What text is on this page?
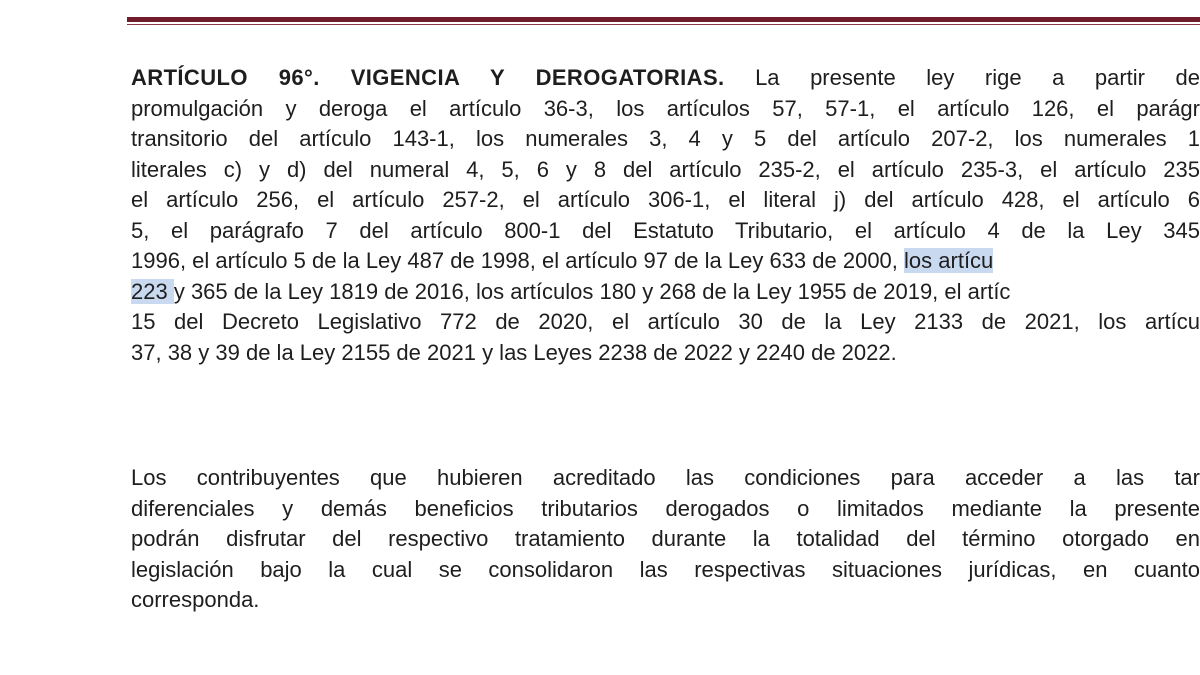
ARTÍCULO 96°. VIGENCIA Y DEROGATORIAS. La presente ley rige a partir de
promulgación y deroga el artículo 36-3, los artículos 57, 57-1, el artículo 126, el parágr
transitorio del artículo 143-1, los numerales 3, 4 y 5 del artículo 207-2, los numerales 1
literales c) y d) del numeral 4, 5, 6 y 8 del artículo 235-2, el artículo 235-3, el artículo 235
el artículo 256, el artículo 257-2, el artículo 306-1, el literal j) del artículo 428, el artículo 6
5, el parágrafo 7 del artículo 800-1 del Estatuto Tributario, el artículo 4 de la Ley 345
1996, el artículo 5 de la Ley 487 de 1998, el artículo 97 de la Ley 633 de 2000, los artícu
223 y 365 de la Ley 1819 de 2016, los artículos 180 y 268 de la Ley 1955 de 2019, el artíc
15 del Decreto Legislativo 772 de 2020, el artículo 30 de la Ley 2133 de 2021, los artícu
37, 38 y 39 de la Ley 2155 de 2021 y las Leyes 2238 de 2022 y 2240 de 2022.
Los contribuyentes que hubieren acreditado las condiciones para acceder a las tar
diferenciales y demás beneficios tributarios derogados o limitados mediante la presente
podrán disfrutar del respectivo tratamiento durante la totalidad del término otorgado en
legislación bajo la cual se consolidaron las respectivas situaciones jurídicas, en cuanto
corresponda.
